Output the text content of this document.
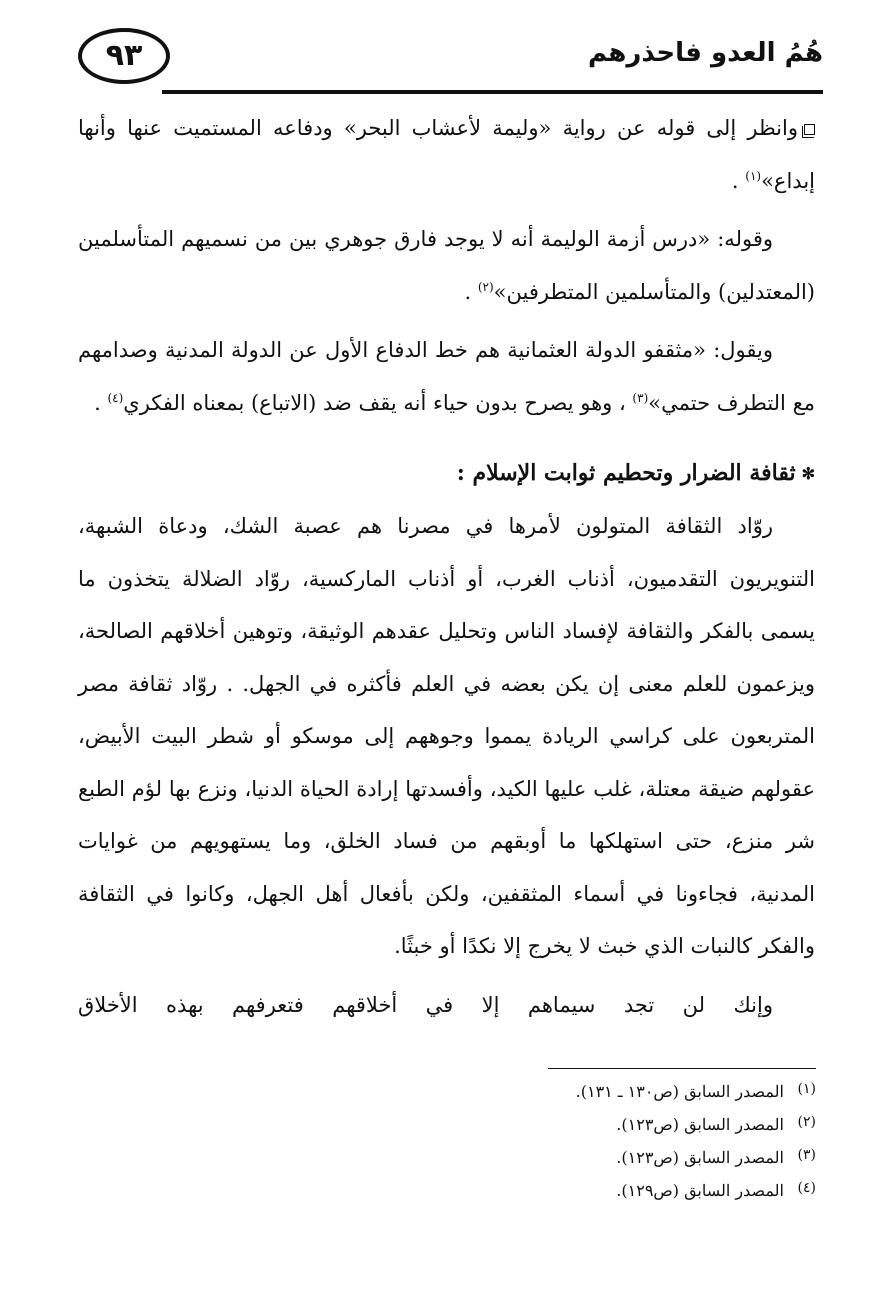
٩٣	هُمُ العدو فاحذرهم

وانظر إلى قوله عن رواية «وليمة لأعشاب البحر» ودفاعه المستميت عنها وأنها إبداع»$^{(١)}$ .

وقوله: «درس أزمة الوليمة أنه لا يوجد فارق جوهري بين من نسميهم المتأسلمين (المعتدلين) والمتأسلمين المتطرفين»$^{(٢)}$ .

ويقول: «مثقفو الدولة العثمانية هم خط الدفاع الأول عن الدولة المدنية وصدامهم مع التطرف حتمي»$^{(٣)}$ ، وهو يصرح بدون حياء أنه يقف ضد (الاتباع) بمعناه الفكري$^{(٤)}$ .

✻ثقافة الضرار وتحطيم ثوابت الإسلام :

روّاد الثقافة المتولون لأمرها في مصرنا هم عصبة الشك، ودعاة الشبهة، التنويريون التقدميون، أذناب الغرب، أو أذناب الماركسية، روّاد الضلالة يتخذون ما يسمى بالفكر والثقافة لإفساد الناس وتحليل عقدهم الوثيقة، وتوهين أخلاقهم الصالحة، ويزعمون للعلم معنى إن يكن بعضه في العلم فأكثره في الجهل. . روّاد ثقافة مصر المتربعون على كراسي الريادة يمموا وجوههم إلى موسكو أو شطر البيت الأبيض، عقولهم ضيقة معتلة، غلب عليها الكيد، وأفسدتها إرادة الحياة الدنيا، ونزع بها لؤم الطبع شر منزع، حتى استهلكها ما أوبقهم من فساد الخلق، وما يستهويهم من غوايات المدنية، فجاءونا في أسماء المثقفين، ولكن بأفعال أهل الجهل، وكانوا في الثقافة والفكر كالنبات الذي خبث لا يخرج إلا نكدًا أو خبثًا.

وإنك لن تجد سيماهم إلا في أخلاقهم فتعرفهم بهذه الأخلاق

(١)المصدر السابق (ص١٣٠ ـ ١٣١).

(٢)المصدر السابق (ص١٢٣).

(٣)المصدر السابق (ص١٢٣).

(٤)المصدر السابق (ص١٢٩).
